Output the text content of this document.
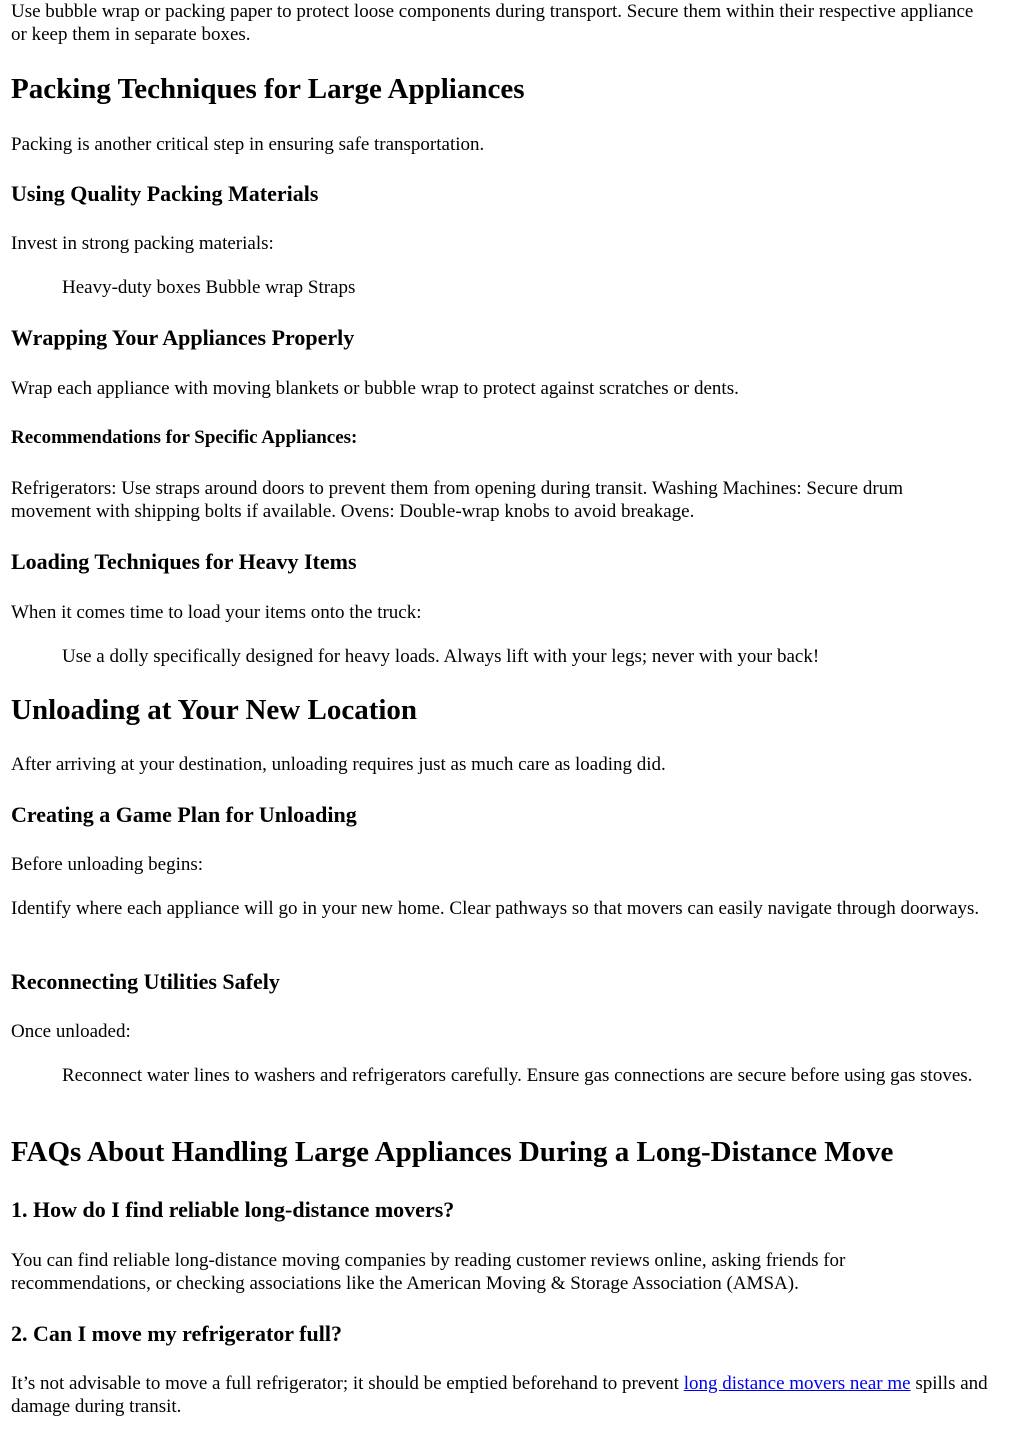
Use bubble wrap or packing paper to protect loose components during transport. Secure them within their respective appliance or keep them in separate boxes.

Packing Techniques for Large Appliances

Packing is another critical step in ensuring safe transportation.

Using Quality Packing Materials

Invest in strong packing materials:

Heavy-duty boxes Bubble wrap Straps

Wrapping Your Appliances Properly

Wrap each appliance with moving blankets or bubble wrap to protect against scratches or dents.

Recommendations for Specific Appliances:

Refrigerators: Use straps around doors to prevent them from opening during transit. Washing Machines: Secure drum movement with shipping bolts if available. Ovens: Double-wrap knobs to avoid breakage.

Loading Techniques for Heavy Items

When it comes time to load your items onto the truck:

Use a dolly specifically designed for heavy loads. Always lift with your legs; never with your back!

Unloading at Your New Location

After arriving at your destination, unloading requires just as much care as loading did.

Creating a Game Plan for Unloading

Before unloading begins:

Identify where each appliance will go in your new home. Clear pathways so that movers can easily navigate through doorways.

Reconnecting Utilities Safely

Once unloaded:

Reconnect water lines to washers and refrigerators carefully. Ensure gas connections are secure before using gas stoves.

FAQs About Handling Large Appliances During a Long-Distance Move
1. How do I find reliable long-distance movers?

You can find reliable long-distance moving companies by reading customer reviews online, asking friends for recommendations, or checking associations like the American Moving & Storage Association (AMSA).

2. Can I move my refrigerator full?

It’s not advisable to move a full refrigerator; it should be emptied beforehand to prevent long distance movers near me spills and damage during transit.
